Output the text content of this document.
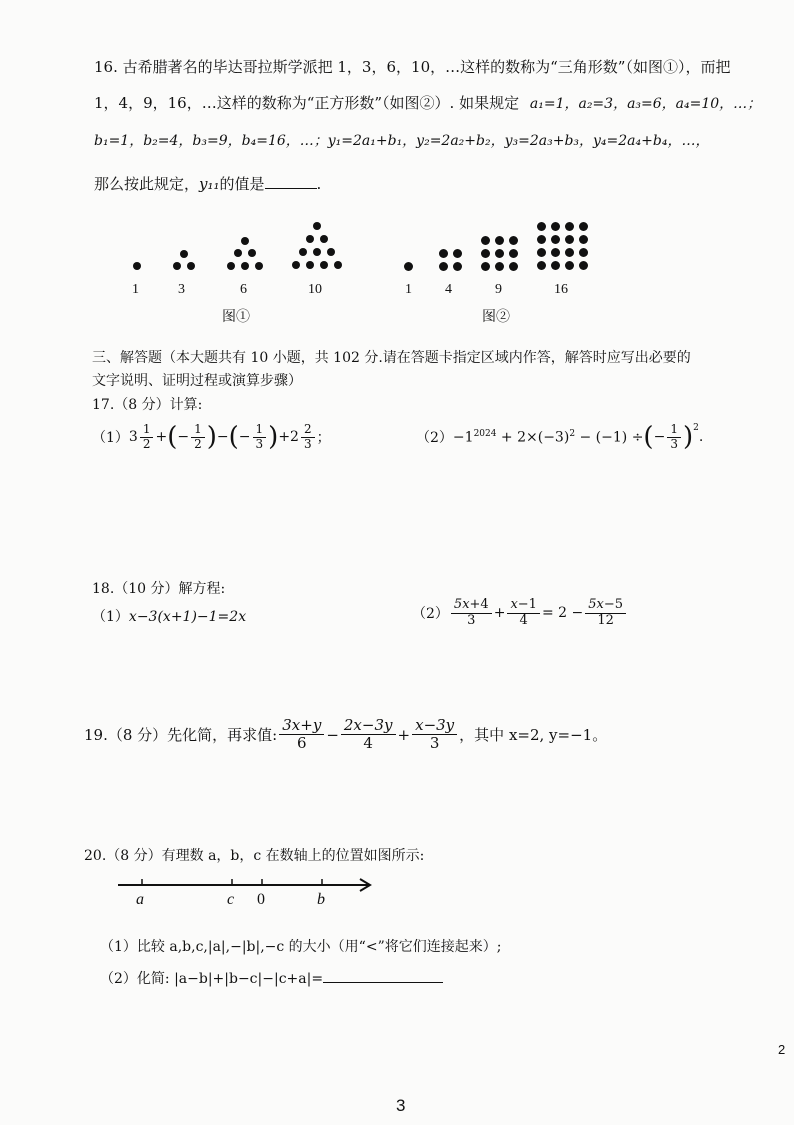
16. 古希腊著名的毕达哥拉斯学派把 1，3，6，10，…这样的数称为“三角形数”（如图①），而把
1，4，9，16，…这样的数称为“正方形数”（如图②）. 如果规定 a₁=1，a₂=3，a₃=6，a₄=10，…；
b₁=1，b₂=4，b₃=9，b₄=16，…；y₁=2a₁+b₁，y₂=2a₂+b₂，y₃=2a₃+b₃，y₄=2a₄+b₄，…，
那么按此规定，y₁₁的值是	.
1	3	6	10
图①
1 4	9	16
图②
三、解答题（本大题共有 10 小题，共 102 分.请在答题卡指定区域内作答，解答时应写出必要的
文字说明、证明过程或演算步骤）
17.（8 分）计算:
（1） $3 \frac{1}{2}$ + ( − $\frac{1}{2}$ ) − ( − $\frac{1}{3}$ ) $+2 \frac{2}{3}$ ；	$(2) -1^{2024} + 2\times(-3)^2 - (-1)$ ÷ ( − $\frac{1}{3} )^2$
.
18.（10 分）解方程:
（1）x−3(x+1)−1=2x	$(2) \frac{5x+4}{3} + \frac{x-1}{4} = 2 - \frac{5x-5}{12}$
19.（8 分）先化简，再求值: $\frac{3x+y}{6} - \frac{2x-3y}{4} + \frac{x-3y}{3}$ ，其中 x=2, y=−1。
20.（8 分）有理数 a，b，c 在数轴上的位置如图所示:
a	c 0	b
（1）比较 a,b,c,|a|,−|b|,−c 的大小（用“<”将它们连接起来）;
（2）化简: |a−b|+|b−c|−|c+a|=
3
2
